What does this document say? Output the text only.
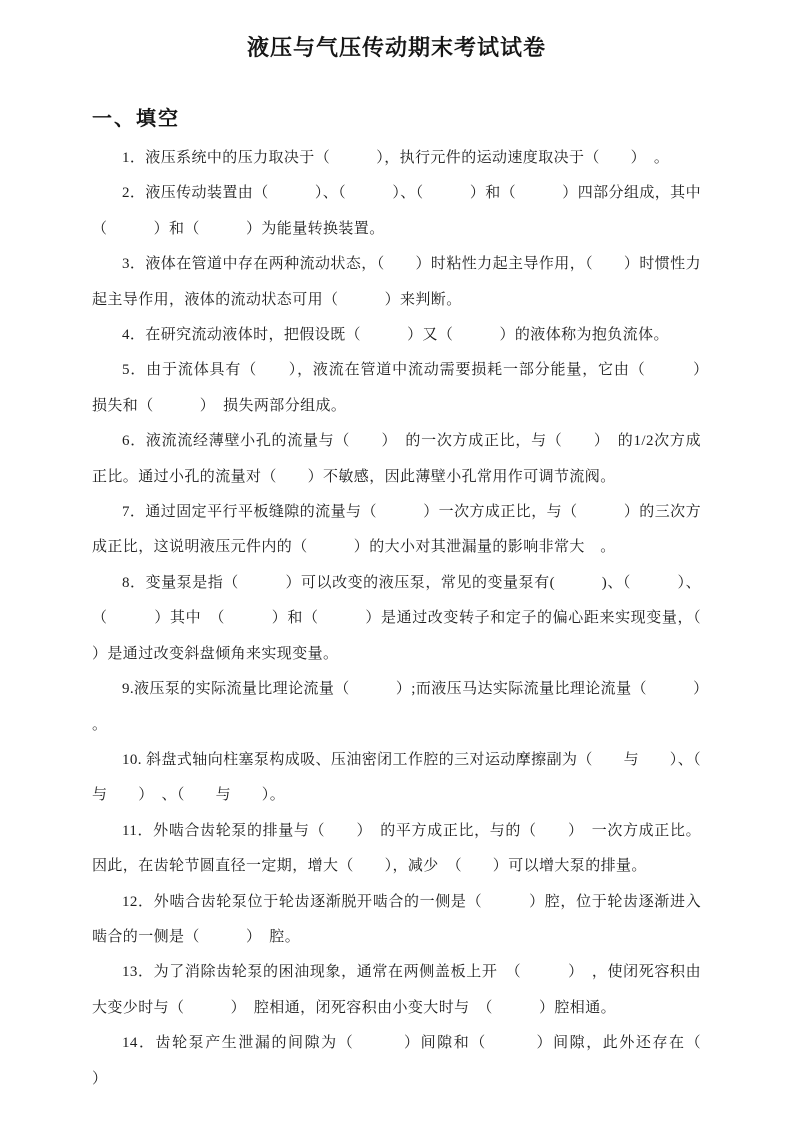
液压与气压传动期末考试试卷
一、填空

1．液压系统中的压力取决于（　　　），执行元件的运动速度取决于（　　）　。

2．液压传动装置由（　　　）、（　　　）、（　　　）和（　　　）四部分组成，其中（　　　）和（　　　）为能量转换装置。

3．液体在管道中存在两种流动状态，（　　）时粘性力起主导作用，（　　）时惯性力起主导作用，液体的流动状态可用（　　　）来判断。

4．在研究流动液体时，把假设既（　　　）又（　　　）的液体称为抱负流体。

5．由于流体具有（　　），液流在管道中流动需要损耗一部分能量，它由（　　　）　损失和（　　　）　损失两部分组成。

6．液流流经薄壁小孔的流量与（　　）　的一次方成正比，与（　　）　的1/2次方成正比。通过小孔的流量对（　　）不敏感，因此薄壁小孔常用作可调节流阀。

7．通过固定平行平板缝隙的流量与（　　　）一次方成正比，与（　　　）的三次方成正比，这说明液压元件内的（　　　）的大小对其泄漏量的影响非常大　。

8．变量泵是指（　　　）可以改变的液压泵，常见的变量泵有(　　　)、（　　　）、（　　　）其中　（　　　）和（　　　）是通过改变转子和定子的偏心距来实现变量，（　　　）是通过改变斜盘倾角来实现变量。

9.液压泵的实际流量比理论流量（　　　）;而液压马达实际流量比理论流量（　　　）　。

10. 斜盘式轴向柱塞泵构成吸、压油密闭工作腔的三对运动摩擦副为（　　与　　）、（　　与　　）　、（　　与　　）。

11．外啮合齿轮泵的排量与（　　）　的平方成正比，与的（　　）　一次方成正比。因此，在齿轮节圆直径一定期，增大（　　），减少　（　　）可以增大泵的排量。

12．外啮合齿轮泵位于轮齿逐渐脱开啮合的一侧是（　　　）腔，位于轮齿逐渐进入啮合的一侧是（　　　）　腔。

13．为了消除齿轮泵的困油现象，通常在两侧盖板上开　（　　　）　，使闭死容积由大变少时与（　　　）　腔相通，闭死容积由小变大时与　（　　　）腔相通。

14．齿轮泵产生泄漏的间隙为（　　　）间隙和（　　　）间隙，此外还存在（　　　）
